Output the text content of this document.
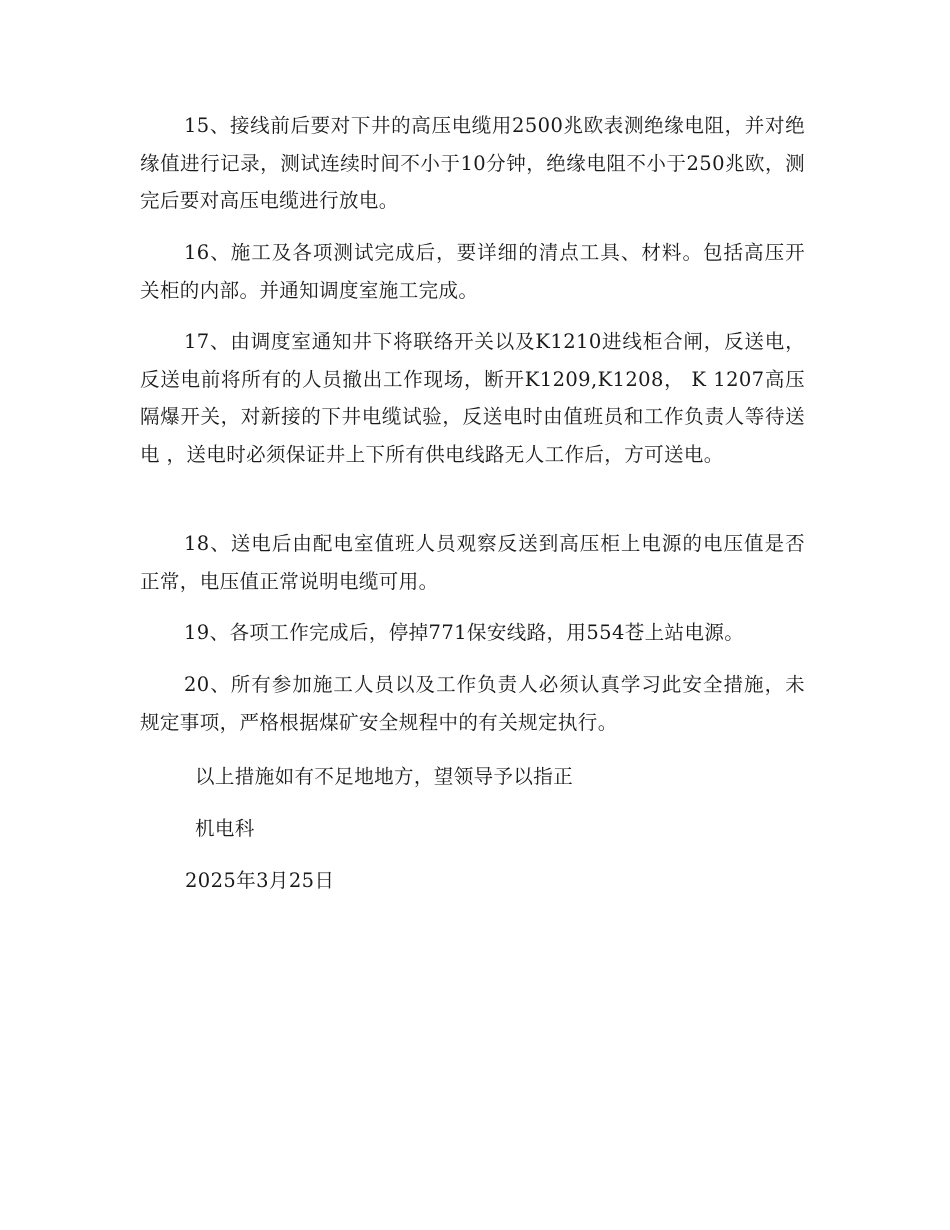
15、接线前后要对下井的高压电缆用2500兆欧表测绝缘电阻，并对绝缘值进行记录，测试连续时间不小于10分钟，绝缘电阻不小于250兆欧，测完后要对高压电缆进行放电。

16、施工及各项测试完成后，要详细的清点工具、材料。包括高压开关柜的内部。并通知调度室施工完成。

17、由调度室通知井下将联络开关以及K1210进线柜合闸，反送电，反送电前将所有的人员撤出工作现场，断开K1209,K1208， K 1207高压隔爆开关，对新接的下井电缆试验，反送电时由值班员和工作负责人等待送电 ，送电时必须保证井上下所有供电线路无人工作后，方可送电。

18、送电后由配电室值班人员观察反送到高压柜上电源的电压值是否正常，电压值正常说明电缆可用。

19、各项工作完成后，停掉771保安线路，用554苍上站电源。

20、所有参加施工人员以及工作负责人必须认真学习此安全措施，未规定事项，严格根据煤矿安全规程中的有关规定执行。

以上措施如有不足地地方，望领导予以指正

机电科

2025年3月25日
